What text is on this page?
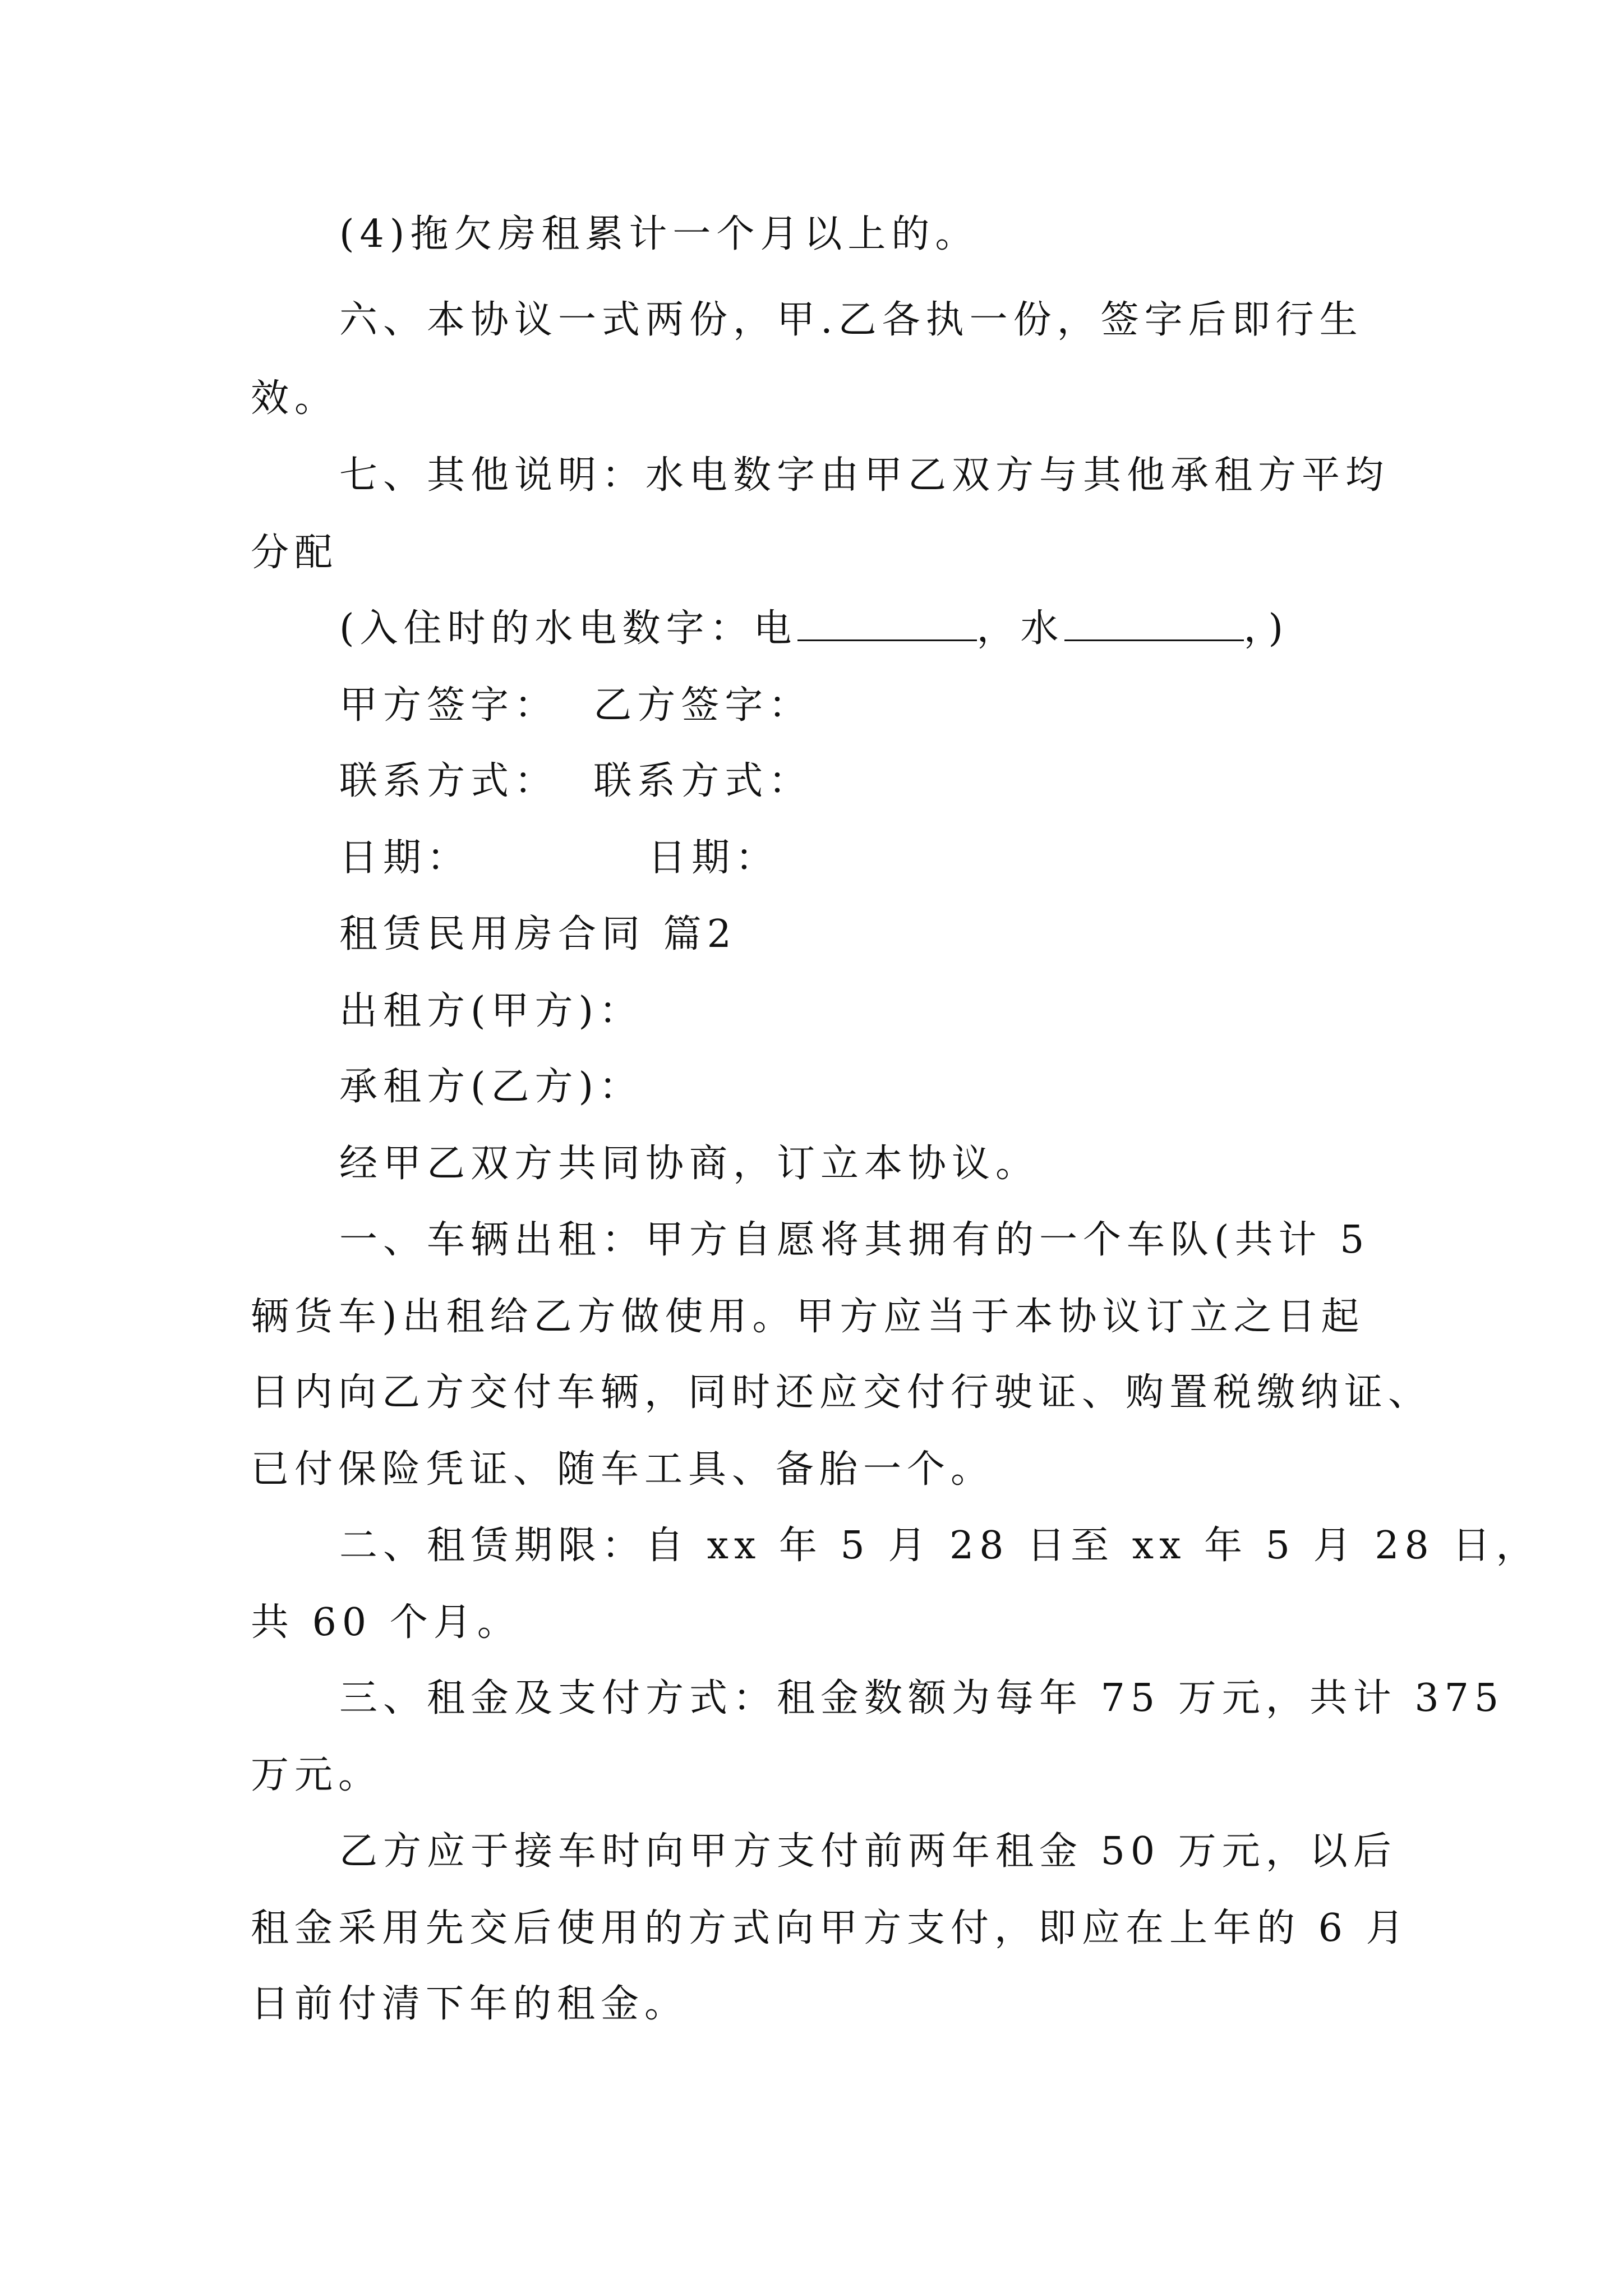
(4)拖欠房租累计一个月以上的。
六、本协议一式两份，甲.乙各执一份，签字后即行生
效。
七、其他说明：水电数字由甲乙双方与其他承租方平均
分配
(入住时的水电数字：电	，水	，)
甲方签字：  乙方签字：
联系方式：  联系方式：
日期：          日期：
租赁民用房合同 篇2
出租方(甲方)：
承租方(乙方)：
经甲乙双方共同协商，订立本协议。
一、车辆出租：甲方自愿将其拥有的一个车队(共计 5
辆货车)出租给乙方做使用。甲方应当于本协议订立之日起
日内向乙方交付车辆，同时还应交付行驶证、购置税缴纳证、
已付保险凭证、随车工具、备胎一个。
二、租赁期限：自 xx 年 5 月 28 日至 xx 年 5 月 28 日，
共 60 个月。
三、租金及支付方式：租金数额为每年 75 万元，共计 375
万元。
乙方应于接车时向甲方支付前两年租金 50 万元，以后
租金采用先交后使用的方式向甲方支付，即应在上年的 6 月
日前付清下年的租金。
